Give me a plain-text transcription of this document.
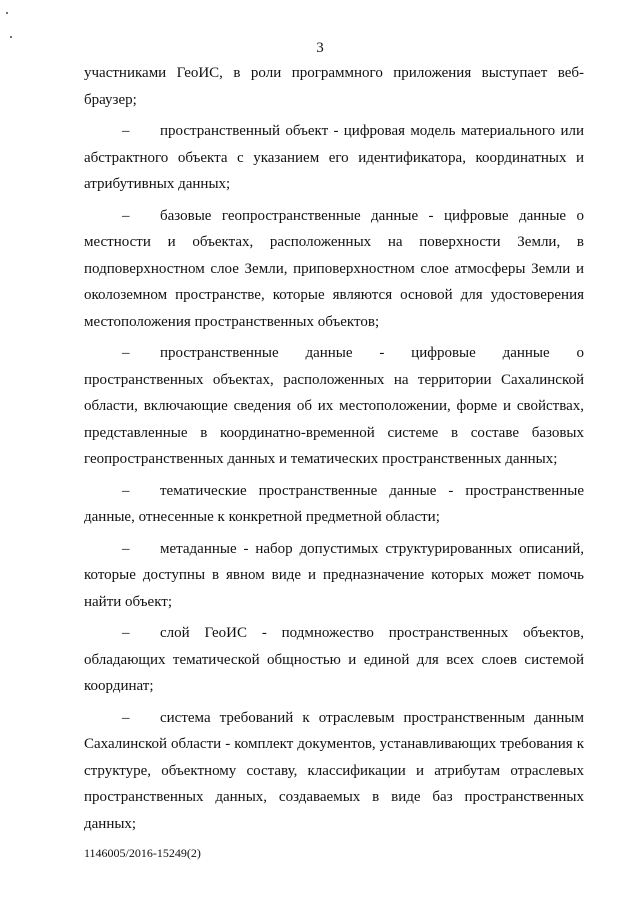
3

участниками ГеоИС, в роли программного приложения выступает веб-браузер;

– пространственный объект - цифровая модель материального или абстрактного объекта с указанием его идентификатора, координатных и атрибутивных данных;

– базовые геопространственные данные - цифровые данные о местности и объектах, расположенных на поверхности Земли, в подповерхностном слое Земли, приповерхностном слое атмосферы Земли и околоземном пространстве, которые являются основой для удостоверения местоположения пространственных объектов;

– пространственные данные - цифровые данные о пространственных объектах, расположенных на территории Сахалинской области, включающие сведения об их местоположении, форме и свойствах, представленные в координатно-временной системе в составе базовых геопространственных данных и тематических пространственных данных;

– тематические пространственные данные - пространственные данные, отнесенные к конкретной предметной области;

– метаданные - набор допустимых структурированных описаний, которые доступны в явном виде и предназначение которых может помочь найти объект;

– слой ГеоИС - подмножество пространственных объектов, обладающих тематической общностью и единой для всех слоев системой координат;

– система требований к отраслевым пространственным данным Сахалинской области - комплект документов, устанавливающих требования к структуре, объектному составу, классификации и атрибутам отраслевых пространственных данных, создаваемых в виде баз пространственных данных;

1146005/2016-15249(2)
